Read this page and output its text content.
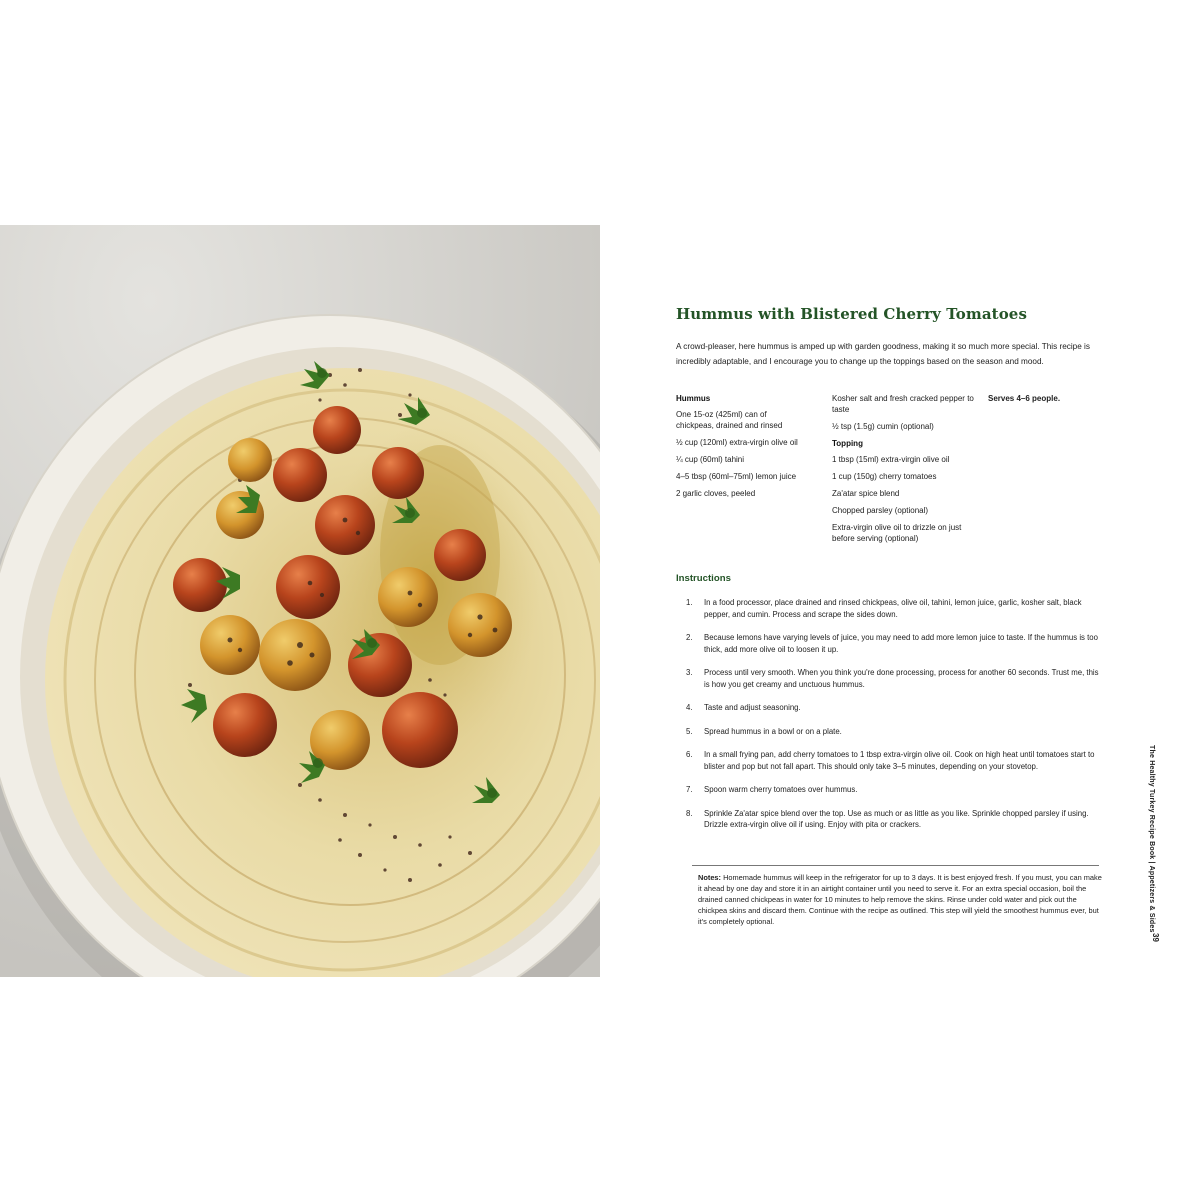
Hummus with Blistered Cherry Tomatoes
A crowd-pleaser, here hummus is amped up with garden goodness, making it so much more special. This recipe is incredibly adaptable, and I encourage you to change up the toppings based on the season and mood.
Hummus
One 15-oz (425ml) can of chickpeas, drained and rinsed
½ cup (120ml) extra-virgin olive oil
¼ cup (60ml) tahini
4–5 tbsp (60ml–75ml) lemon juice
2 garlic cloves, peeled
Kosher salt and fresh cracked pepper to taste
½ tsp (1.5g) cumin (optional)
Topping
1 tbsp (15ml) extra-virgin olive oil
1 cup (150g) cherry tomatoes
Za'atar spice blend
Chopped parsley (optional)
Extra-virgin olive oil to drizzle on just before serving (optional)
Serves 4–6 people.
Instructions
1.	In a food processor, place drained and rinsed chickpeas, olive oil, tahini, lemon juice, garlic, kosher salt, black pepper, and cumin. Process and scrape the sides down.
2.	Because lemons have varying levels of juice, you may need to add more lemon juice to taste. If the hummus is too thick, add more olive oil to loosen it up.
3.	Process until very smooth. When you think you're done processing, process for another 60 seconds. Trust me, this is how you get creamy and unctuous hummus.
4.	Taste and adjust seasoning.
5.	Spread hummus in a bowl or on a plate.
6.	In a small frying pan, add cherry tomatoes to 1 tbsp extra-virgin olive oil. Cook on high heat until tomatoes start to blister and pop but not fall apart. This should only take 3–5 minutes, depending on your stovetop.
7.	Spoon warm cherry tomatoes over hummus.
8.	Sprinkle Za'atar spice blend over the top. Use as much or as little as you like. Sprinkle chopped parsley if using. Drizzle extra-virgin olive oil if using. Enjoy with pita or crackers.
Notes: Homemade hummus will keep in the refrigerator for up to 3 days. It is best enjoyed fresh. If you must, you can make it ahead by one day and store it in an airtight container until you need to serve it. For an extra special occasion, boil the drained canned chickpeas in water for 10 minutes to help remove the skins. Rinse under cold water and pick out the chickpea skins and discard them. Continue with the recipe as outlined. This step will yield the smoothest hummus ever, but it's completely optional.	The Healthy Turkey Recipe Book | Appetizers & Sides
39
